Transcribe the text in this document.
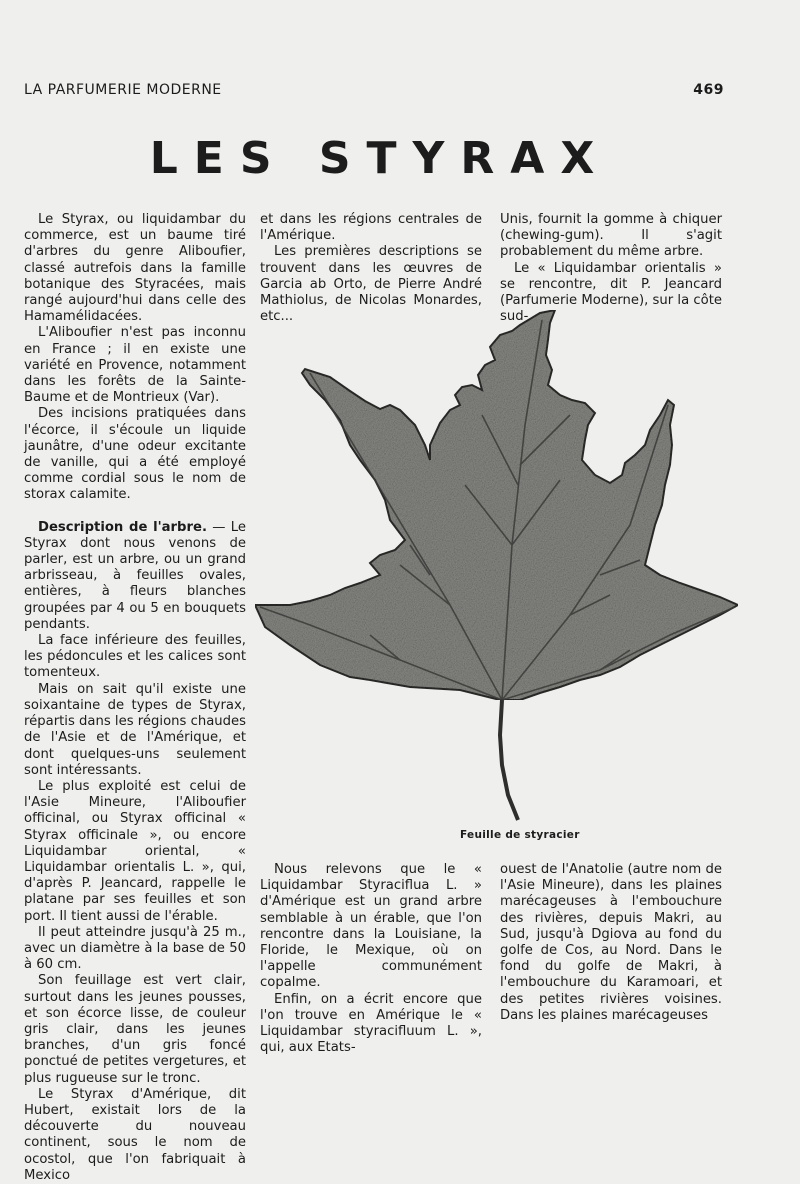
LA PARFUMERIE MODERNE	469
LES STYRAX

Le Styrax, ou liquidambar du commerce, est un baume tiré d'arbres du genre Aliboufier, classé autrefois dans la famille botanique des Styracées, mais rangé aujourd'hui dans celle des Hamamélidacées.

L'Aliboufier n'est pas inconnu en France ; il en existe une variété en Provence, notamment dans les forêts de la Sainte-Baume et de Montrieux (Var).

Des incisions pratiquées dans l'écorce, il s'écoule un liquide jaunâtre, d'une odeur excitante de vanille, qui a été employé comme cordial sous le nom de storax calamite.

Description de l'arbre. — Le Styrax dont nous venons de parler, est un arbre, ou un grand arbrisseau, à feuilles ovales, entières, à fleurs blanches groupées par 4 ou 5 en bouquets pendants.

La face inférieure des feuilles, les pédoncules et les calices sont tomenteux.

Mais on sait qu'il existe une soixantaine de types de Styrax, répartis dans les régions chaudes de l'Asie et de l'Amérique, et dont quelques-uns seulement sont intéressants.

Le plus exploité est celui de l'Asie Mineure, l'Aliboufier officinal, ou Styrax officinal « Styrax officinale », ou encore Liquidambar oriental, « Liquidambar orientalis L. », qui, d'après P. Jeancard, rappelle le platane par ses feuilles et son port. Il tient aussi de l'érable.

Il peut atteindre jusqu'à 25 m., avec un diamètre à la base de 50 à 60 cm.

Son feuillage est vert clair, surtout dans les jeunes pousses, et son écorce lisse, de couleur gris clair, dans les jeunes branches, d'un gris foncé ponctué de petites vergetures, et plus rugueuse sur le tronc.

Le Styrax d'Amérique, dit Hubert, existait lors de la découverte du nouveau continent, sous le nom de ocostol, que l'on fabriquait à Mexico

et dans les régions centrales de l'Amérique.

Les premières descriptions se trouvent dans les œuvres de Garcia ab Orto, de Pierre André Mathiolus, de Nicolas Monardes, etc...

Unis, fournit la gomme à chiquer (chewing-gum). Il s'agit probablement du même arbre.

Le « Liquidambar orientalis » se rencontre, dit P. Jeancard (Parfumerie Moderne), sur la côte sud-

Feuille de styracier

Nous relevons que le « Liquidambar Styraciflua L. » d'Amérique est un grand arbre semblable à un érable, que l'on rencontre dans la Louisiane, la Floride, le Mexique, où on l'appelle communément copalme.

Enfin, on a écrit encore que l'on trouve en Amérique le « Liquidambar styracifluum L. », qui, aux Etats-

ouest de l'Anatolie (autre nom de l'Asie Mineure), dans les plaines marécageuses à l'embouchure des rivières, depuis Makri, au Sud, jusqu'à Dgiova au fond du golfe de Cos, au Nord. Dans le fond du golfe de Makri, à l'embouchure du Karamoari, et des petites rivières voisines. Dans les plaines marécageuses
